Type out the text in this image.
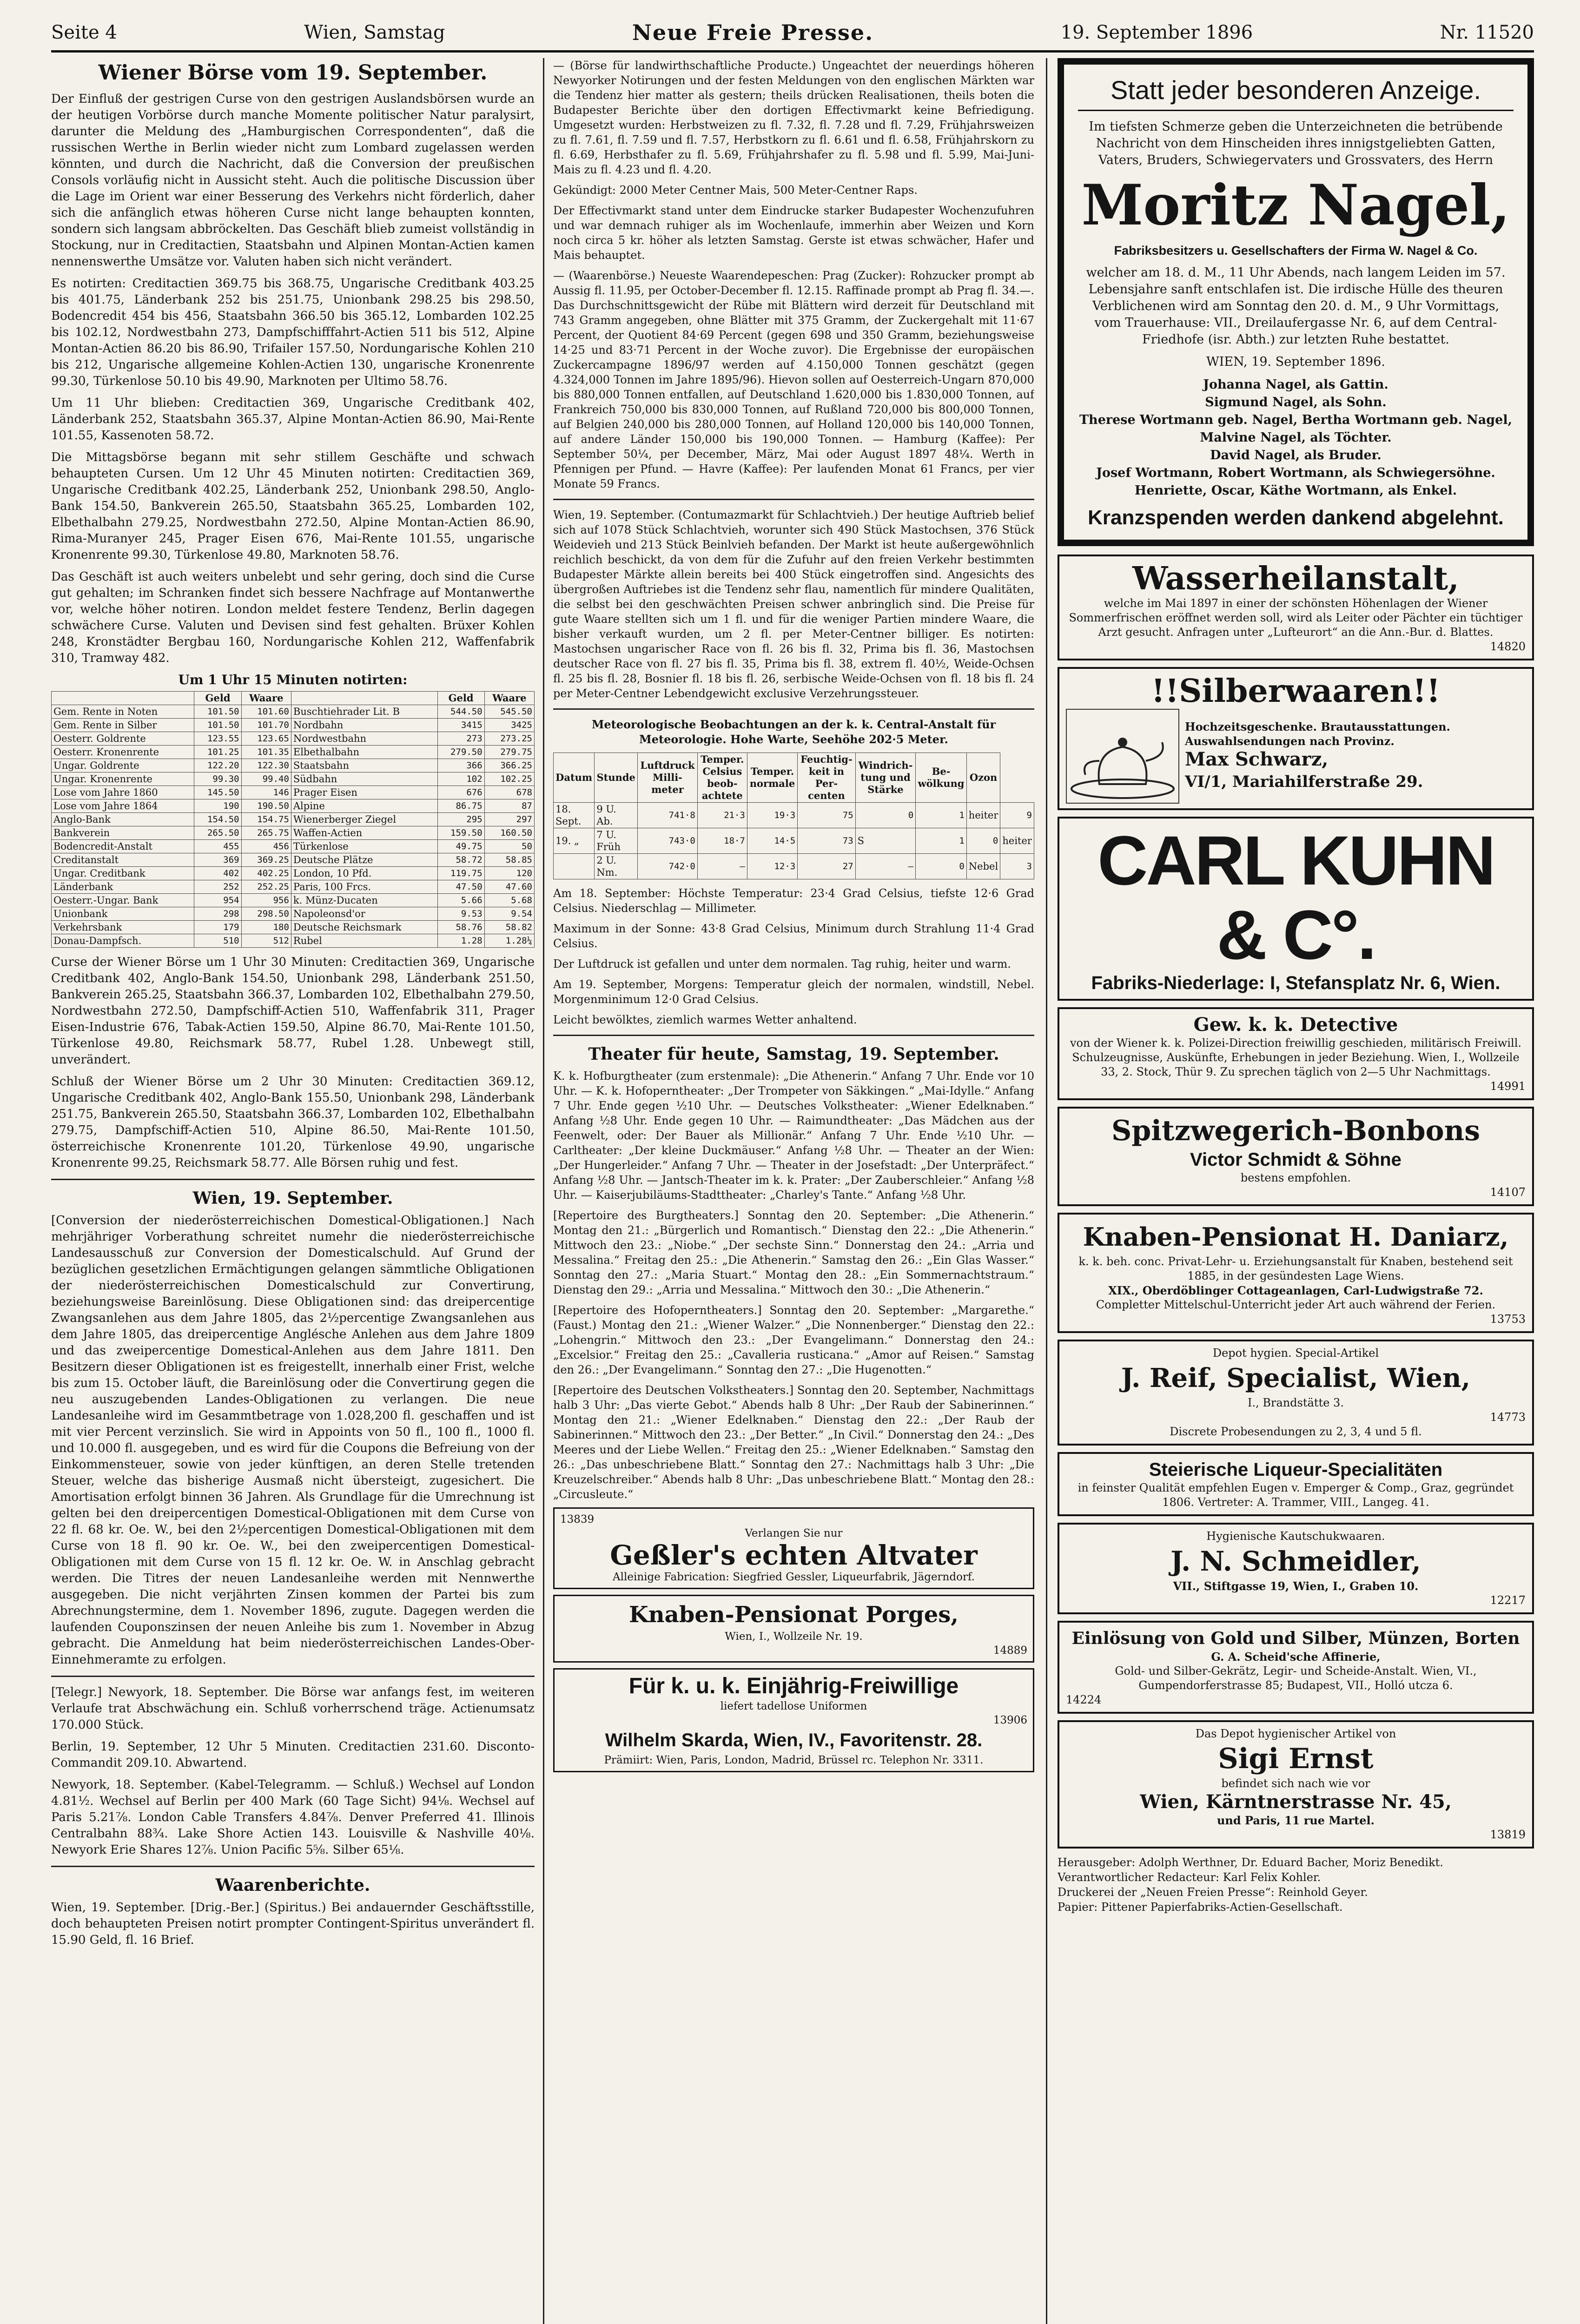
Seite 4	Wien, Samstag	Neue Freie Presse.	19. September 1896	Nr. 11520
Wiener Börse vom 19. September.

Der Einfluß der gestrigen Curse von den gestrigen Auslandsbörsen wurde an der heutigen Vorbörse durch manche Momente politischer Natur paralysirt, darunter die Meldung des „Hamburgischen Correspondenten“, daß die russischen Werthe in Berlin wieder nicht zum Lombard zugelassen werden könnten, und durch die Nachricht, daß die Conversion der preußischen Consols vorläufig nicht in Aussicht steht. Auch die politische Discussion über die Lage im Orient war einer Besserung des Verkehrs nicht förderlich, daher sich die anfänglich etwas höheren Curse nicht lange behaupten konnten, sondern sich langsam abbröckelten. Das Geschäft blieb zumeist vollständig in Stockung, nur in Creditactien, Staatsbahn und Alpinen Montan-Actien kamen nennenswerthe Umsätze vor. Valuten haben sich nicht verändert.

Es notirten: Creditactien 369.75 bis 368.75, Ungarische Creditbank 403.25 bis 401.75, Länderbank 252 bis 251.75, Unionbank 298.25 bis 298.50, Bodencredit 454 bis 456, Staatsbahn 366.50 bis 365.12, Lombarden 102.25 bis 102.12, Nordwestbahn 273, Dampfschifffahrt-Actien 511 bis 512, Alpine Montan-Actien 86.20 bis 86.90, Trifailer 157.50, Nordungarische Kohlen 210 bis 212, Ungarische allgemeine Kohlen-Actien 130, ungarische Kronenrente 99.30, Türkenlose 50.10 bis 49.90, Marknoten per Ultimo 58.76.

Um 11 Uhr blieben: Creditactien 369, Ungarische Creditbank 402, Länderbank 252, Staatsbahn 365.37, Alpine Montan-Actien 86.90, Mai-Rente 101.55, Kassenoten 58.72.

Die Mittagsbörse begann mit sehr stillem Geschäfte und schwach behaupteten Cursen. Um 12 Uhr 45 Minuten notirten: Creditactien 369, Ungarische Creditbank 402.25, Länderbank 252, Unionbank 298.50, Anglo-Bank 154.50, Bankverein 265.50, Staatsbahn 365.25, Lombarden 102, Elbethalbahn 279.25, Nordwestbahn 272.50, Alpine Montan-Actien 86.90, Rima-Muranyer 245, Prager Eisen 676, Mai-Rente 101.55, ungarische Kronenrente 99.30, Türkenlose 49.80, Marknoten 58.76.

Das Geschäft ist auch weiters unbelebt und sehr gering, doch sind die Curse gut gehalten; im Schranken findet sich bessere Nachfrage auf Montanwerthe vor, welche höher notiren. London meldet festere Tendenz, Berlin dagegen schwächere Curse. Valuten und Devisen sind fest gehalten. Brüxer Kohlen 248, Kronstädter Bergbau 160, Nordungarische Kohlen 212, Waffenfabrik 310, Tramway 482.

Um 1 Uhr 15 Minuten notirten:
	Geld	Waare		Geld	Waare
Gem. Rente in Noten	101.50	101.60	Buschtiehrader Lit. B	544.50	545.50
Gem. Rente in Silber	101.50	101.70	Nordbahn	3415	3425
Oesterr. Goldrente	123.55	123.65	Nordwestbahn	273	273.25
Oesterr. Kronenrente	101.25	101.35	Elbethalbahn	279.50	279.75
Ungar. Goldrente	122.20	122.30	Staatsbahn	366	366.25
Ungar. Kronenrente	99.30	99.40	Südbahn	102	102.25
Lose vom Jahre 1860	145.50	146	Prager Eisen	676	678
Lose vom Jahre 1864	190	190.50	Alpine	86.75	87
Anglo-Bank	154.50	154.75	Wienerberger Ziegel	295	297
Bankverein	265.50	265.75	Waffen-Actien	159.50	160.50
Bodencredit-Anstalt	455	456	Türkenlose	49.75	50
Creditanstalt	369	369.25	Deutsche Plätze	58.72	58.85
Ungar. Creditbank	402	402.25	London, 10 Pfd.	119.75	120
Länderbank	252	252.25	Paris, 100 Frcs.	47.50	47.60
Oesterr.-Ungar. Bank	954	956	k. Münz-Ducaten	5.66	5.68
Unionbank	298	298.50	Napoleonsd'or	9.53	9.54
Verkehrsbank	179	180	Deutsche Reichsmark	58.76	58.82
Donau-Dampfsch.	510	512	Rubel	1.28	1.28¼

Curse der Wiener Börse um 1 Uhr 30 Minuten: Creditactien 369, Ungarische Creditbank 402, Anglo-Bank 154.50, Unionbank 298, Länderbank 251.50, Bankverein 265.25, Staatsbahn 366.37, Lombarden 102, Elbethalbahn 279.50, Nordwestbahn 272.50, Dampfschiff-Actien 510, Waffenfabrik 311, Prager Eisen-Industrie 676, Tabak-Actien 159.50, Alpine 86.70, Mai-Rente 101.50, Türkenlose 49.80, Reichsmark 58.77, Rubel 1.28. Unbewegt still, unverändert.

Schluß der Wiener Börse um 2 Uhr 30 Minuten: Creditactien 369.12, Ungarische Creditbank 402, Anglo-Bank 155.50, Unionbank 298, Länderbank 251.75, Bankverein 265.50, Staatsbahn 366.37, Lombarden 102, Elbethalbahn 279.75, Dampfschiff-Actien 510, Alpine 86.50, Mai-Rente 101.50, österreichische Kronenrente 101.20, Türkenlose 49.90, ungarische Kronenrente 99.25, Reichsmark 58.77. Alle Börsen ruhig und fest.

Wien, 19. September.

[Conversion der niederösterreichischen Domestical-Obligationen.] Nach mehrjähriger Vorberathung schreitet numehr die niederösterreichische Landesausschuß zur Conversion der Domesticalschuld. Auf Grund der bezüglichen gesetzlichen Ermächtigungen gelangen sämmtliche Obligationen der niederösterreichischen Domesticalschuld zur Convertirung, beziehungsweise Bareinlösung. Diese Obligationen sind: das dreipercentige Zwangsanlehen aus dem Jahre 1805, das 2½percentige Zwangsanlehen aus dem Jahre 1805, das dreipercentige Anglésche Anlehen aus dem Jahre 1809 und das zweipercentige Domestical-Anlehen aus dem Jahre 1811. Den Besitzern dieser Obligationen ist es freigestellt, innerhalb einer Frist, welche bis zum 15. October läuft, die Bareinlösung oder die Convertirung gegen die neu auszugebenden Landes-Obligationen zu verlangen. Die neue Landesanleihe wird im Gesammtbetrage von 1.028,200 fl. geschaffen und ist mit vier Percent verzinslich. Sie wird in Appoints von 50 fl., 100 fl., 1000 fl. und 10.000 fl. ausgegeben, und es wird für die Coupons die Befreiung von der Einkommensteuer, sowie von jeder künftigen, an deren Stelle tretenden Steuer, welche das bisherige Ausmaß nicht übersteigt, zugesichert. Die Amortisation erfolgt binnen 36 Jahren. Als Grundlage für die Umrechnung ist gelten bei den dreipercentigen Domestical-Obligationen mit dem Curse von 22 fl. 68 kr. Oe. W., bei den 2½percentigen Domestical-Obligationen mit dem Curse von 18 fl. 90 kr. Oe. W., bei den zweipercentigen Domestical-Obligationen mit dem Curse von 15 fl. 12 kr. Oe. W. in Anschlag gebracht werden. Die Titres der neuen Landesanleihe werden mit Nennwerthe ausgegeben. Die nicht verjährten Zinsen kommen der Partei bis zum Abrechnungstermine, dem 1. November 1896, zugute. Dagegen werden die laufenden Couponszinsen der neuen Anleihe bis zum 1. November in Abzug gebracht. Die Anmeldung hat beim niederösterreichischen Landes-Ober-Einnehmeramte zu erfolgen.

[Telegr.] Newyork, 18. September. Die Börse war anfangs fest, im weiteren Verlaufe trat Abschwächung ein. Schluß vorherrschend träge. Actienumsatz 170.000 Stück.

Berlin, 19. September, 12 Uhr 5 Minuten. Creditactien 231.60. Disconto-Commandit 209.10. Abwartend.

Newyork, 18. September. (Kabel-Telegramm. — Schluß.) Wechsel auf London 4.81½. Wechsel auf Berlin per 400 Mark (60 Tage Sicht) 94⅛. Wechsel auf Paris 5.21⅞. London Cable Transfers 4.84⅞. Denver Preferred 41. Illinois Centralbahn 88¾. Lake Shore Actien 143. Louisville & Nashville 40⅛. Newyork Erie Shares 12⅞. Union Pacific 5⅝. Silber 65⅛.

Waarenberichte.

Wien, 19. September. [Drig.-Ber.] (Spiritus.) Bei andauernder Geschäftsstille, doch behaupteten Preisen notirt prompter Contingent-Spiritus unverändert fl. 15.90 Geld, fl. 16 Brief.

— (Börse für landwirthschaftliche Producte.) Ungeachtet der neuerdings höheren Newyorker Notirungen und der festen Meldungen von den englischen Märkten war die Tendenz hier matter als gestern; theils drücken Realisationen, theils boten die Budapester Berichte über den dortigen Effectivmarkt keine Befriedigung. Umgesetzt wurden: Herbstweizen zu fl. 7.32, fl. 7.28 und fl. 7.29, Frühjahrsweizen zu fl. 7.61, fl. 7.59 und fl. 7.57, Herbstkorn zu fl. 6.61 und fl. 6.58, Frühjahrskorn zu fl. 6.69, Herbsthafer zu fl. 5.69, Frühjahrshafer zu fl. 5.98 und fl. 5.99, Mai-Juni-Mais zu fl. 4.23 und fl. 4.20.

Gekündigt: 2000 Meter Centner Mais, 500 Meter-Centner Raps.

Der Effectivmarkt stand unter dem Eindrucke starker Budapester Wochenzufuhren und war demnach ruhiger als im Wochenlaufe, immerhin aber Weizen und Korn noch circa 5 kr. höher als letzten Samstag. Gerste ist etwas schwächer, Hafer und Mais behauptet.

— (Waarenbörse.) Neueste Waarendepeschen: Prag (Zucker): Rohzucker prompt ab Aussig fl. 11.95, per October-December fl. 12.15. Raffinade prompt ab Prag fl. 34.—. Das Durchschnittsgewicht der Rübe mit Blättern wird derzeit für Deutschland mit 743 Gramm angegeben, ohne Blätter mit 375 Gramm, der Zuckergehalt mit 11·67 Percent, der Quotient 84·69 Percent (gegen 698 und 350 Gramm, beziehungsweise 14·25 und 83·71 Percent in der Woche zuvor). Die Ergebnisse der europäischen Zuckercampagne 1896/97 werden auf 4.150,000 Tonnen geschätzt (gegen 4.324,000 Tonnen im Jahre 1895/96). Hievon sollen auf Oesterreich-Ungarn 870,000 bis 880,000 Tonnen entfallen, auf Deutschland 1.620,000 bis 1.830,000 Tonnen, auf Frankreich 750,000 bis 830,000 Tonnen, auf Rußland 720,000 bis 800,000 Tonnen, auf Belgien 240,000 bis 280,000 Tonnen, auf Holland 120,000 bis 140,000 Tonnen, auf andere Länder 150,000 bis 190,000 Tonnen. — Hamburg (Kaffee): Per September 50¼, per December, März, Mai oder August 1897 48¼. Werth in Pfennigen per Pfund. — Havre (Kaffee): Per laufenden Monat 61 Francs, per vier Monate 59 Francs.

Wien, 19. September. (Contumazmarkt für Schlachtvieh.) Der heutige Auftrieb belief sich auf 1078 Stück Schlachtvieh, worunter sich 490 Stück Mastochsen, 376 Stück Weidevieh und 213 Stück Beinlvieh befanden. Der Markt ist heute außergewöhnlich reichlich beschickt, da von dem für die Zufuhr auf den freien Verkehr bestimmten Budapester Märkte allein bereits bei 400 Stück eingetroffen sind. Angesichts des übergroßen Auftriebes ist die Tendenz sehr flau, namentlich für mindere Qualitäten, die selbst bei den geschwächten Preisen schwer anbringlich sind. Die Preise für gute Waare stellten sich um 1 fl. und für die weniger Partien mindere Waare, die bisher verkauft wurden, um 2 fl. per Meter-Centner billiger. Es notirten: Mastochsen ungarischer Race von fl. 26 bis fl. 32, Prima bis fl. 36, Mastochsen deutscher Race von fl. 27 bis fl. 35, Prima bis fl. 38, extrem fl. 40½, Weide-Ochsen fl. 25 bis fl. 28, Bosnier fl. 18 bis fl. 26, serbische Weide-Ochsen von fl. 18 bis fl. 24 per Meter-Centner Lebendgewicht exclusive Verzehrungssteuer.

Meteorologische Beobachtungen an der k. k. Central-Anstalt für Meteorologie. Hohe Warte, Seehöhe 202·5 Meter.

Datum	Stunde	Luftdruck Milli-meter	Temper. Celsius beob-achtete	Temper. normale	Feuchtig-keit in Per-centen	Windrich-tung und Stärke	Be-wölkung	Ozon	
18. Sept.	9 U. Ab.	741·8	21·3	19·3	75	0	1	heiter	9
19. „	7 U. Früh	743·0	18·7	14·5	73	S	1	0	heiter
	2 U. Nm.	742·0	—	12·3	27	—	0	Nebel	3

Am 18. September: Höchste Temperatur: 23·4 Grad Celsius, tiefste 12·6 Grad Celsius. Niederschlag — Millimeter.

Maximum in der Sonne: 43·8 Grad Celsius, Minimum durch Strahlung 11·4 Grad Celsius.

Der Luftdruck ist gefallen und unter dem normalen. Tag ruhig, heiter und warm.

Am 19. September, Morgens: Temperatur gleich der normalen, windstill, Nebel. Morgenminimum 12·0 Grad Celsius.

Leicht bewölktes, ziemlich warmes Wetter anhaltend.

Theater für heute, Samstag, 19. September.

K. k. Hofburgtheater (zum erstenmale): „Die Athenerin.“ Anfang 7 Uhr. Ende vor 10 Uhr. — K. k. Hofoperntheater: „Der Trompeter von Säkkingen.“ „Mai-Idylle.“ Anfang 7 Uhr. Ende gegen ½10 Uhr. — Deutsches Volkstheater: „Wiener Edelknaben.“ Anfang ½8 Uhr. Ende gegen 10 Uhr. — Raimundtheater: „Das Mädchen aus der Feenwelt, oder: Der Bauer als Millionär.“ Anfang 7 Uhr. Ende ½10 Uhr. — Carltheater: „Der kleine Duckmäuser.“ Anfang ½8 Uhr. — Theater an der Wien: „Der Hungerleider.“ Anfang 7 Uhr. — Theater in der Josefstadt: „Der Unterpräfect.“ Anfang ½8 Uhr. — Jantsch-Theater im k. k. Prater: „Der Zauberschleier.“ Anfang ½8 Uhr. — Kaiserjubiläums-Stadttheater: „Charley's Tante.“ Anfang ½8 Uhr.

[Repertoire des Burgtheaters.] Sonntag den 20. September: „Die Athenerin.“ Montag den 21.: „Bürgerlich und Romantisch.“ Dienstag den 22.: „Die Athenerin.“ Mittwoch den 23.: „Niobe.“ „Der sechste Sinn.“ Donnerstag den 24.: „Arria und Messalina.“ Freitag den 25.: „Die Athenerin.“ Samstag den 26.: „Ein Glas Wasser.“ Sonntag den 27.: „Maria Stuart.“ Montag den 28.: „Ein Sommernachtstraum.“ Dienstag den 29.: „Arria und Messalina.“ Mittwoch den 30.: „Die Athenerin.“

[Repertoire des Hofoperntheaters.] Sonntag den 20. September: „Margarethe.“ (Faust.) Montag den 21.: „Wiener Walzer.“ „Die Nonnenberger.“ Dienstag den 22.: „Lohengrin.“ Mittwoch den 23.: „Der Evangelimann.“ Donnerstag den 24.: „Excelsior.“ Freitag den 25.: „Cavalleria rusticana.“ „Amor auf Reisen.“ Samstag den 26.: „Der Evangelimann.“ Sonntag den 27.: „Die Hugenotten.“

[Repertoire des Deutschen Volkstheaters.] Sonntag den 20. September, Nachmittags halb 3 Uhr: „Das vierte Gebot.“ Abends halb 8 Uhr: „Der Raub der Sabinerinnen.“ Montag den 21.: „Wiener Edelknaben.“ Dienstag den 22.: „Der Raub der Sabinerinnen.“ Mittwoch den 23.: „Der Better.“ „In Civil.“ Donnerstag den 24.: „Des Meeres und der Liebe Wellen.“ Freitag den 25.: „Wiener Edelknaben.“ Samstag den 26.: „Das unbeschriebene Blatt.“ Sonntag den 27.: Nachmittags halb 3 Uhr: „Die Kreuzelschreiber.“ Abends halb 8 Uhr: „Das unbeschriebene Blatt.“ Montag den 28.: „Circusleute.“

13839
Verlangen Sie nur
Geßler's echten Altvater
Alleinige Fabrication: Siegfried Gessler, Liqueurfabrik, Jägerndorf.
Knaben-Pensionat Porges,
Wien, I., Wollzeile Nr. 19.
14889
Für k. u. k. Einjährig-Freiwillige
liefert tadellose Uniformen
13906
Wilhelm Skarda, Wien, IV., Favoritenstr. 28.
Prämiirt: Wien, Paris, London, Madrid, Brüssel rc. Telephon Nr. 3311.
Statt jeder besonderen Anzeige.

Im tiefsten Schmerze geben die Unterzeichneten die betrübende Nachricht von dem Hinscheiden ihres innigstgeliebten Gatten, Vaters, Bruders, Schwiegervaters und Grossvaters, des Herrn

Moritz Nagel,

Fabriksbesitzers u. Gesellschafters der Firma W. Nagel & Co.

welcher am 18. d. M., 11 Uhr Abends, nach langem Leiden im 57. Lebensjahre sanft entschlafen ist. Die irdische Hülle des theuren Verblichenen wird am Sonntag den 20. d. M., 9 Uhr Vormittags, vom Trauerhause: VII., Dreilaufergasse Nr. 6, auf dem Central-Friedhofe (isr. Abth.) zur letzten Ruhe bestattet.

WIEN, 19. September 1896.

Johanna Nagel, als Gattin.
Sigmund Nagel, als Sohn.
Therese Wortmann geb. Nagel, Bertha Wortmann geb. Nagel, Malvine Nagel, als Töchter.
David Nagel, als Bruder.
Josef Wortmann, Robert Wortmann, als Schwiegersöhne.
Henriette, Oscar, Käthe Wortmann, als Enkel.
Kranzspenden werden dankend abgelehnt.
Wasserheilanstalt,
welche im Mai 1897 in einer der schönsten Höhenlagen der Wiener Sommerfrischen eröffnet werden soll, wird als Leiter oder Pächter ein tüchtiger Arzt gesucht. Anfragen unter „Lufteurort“ an die Ann.-Bur. d. Blattes.
14820
!!Silberwaaren!!
Hochzeitsgeschenke. Brautausstattungen. Auswahlsendungen nach Provinz.
Max Schwarz,
VI/1, Mariahilferstraße 29.
CARL KUHN & C°.
Fabriks-Niederlage: I, Stefansplatz Nr. 6, Wien.
Gew. k. k. Detective
von der Wiener k. k. Polizei-Direction freiwillig geschieden, militärisch Freiwill. Schulzeugnisse, Auskünfte, Erhebungen in jeder Beziehung. Wien, I., Wollzeile 33, 2. Stock, Thür 9. Zu sprechen täglich von 2—5 Uhr Nachmittags.
14991
Spitzwegerich-Bonbons
Victor Schmidt & Söhne
bestens empfohlen.
14107
Knaben-Pensionat H. Daniarz,
k. k. beh. conc. Privat-Lehr- u. Erziehungsanstalt für Knaben, bestehend seit 1885, in der gesündesten Lage Wiens.
XIX., Oberdöblinger Cottageanlagen, Carl-Ludwigstraße 72.
Completter Mittelschul-Unterricht jeder Art auch während der Ferien.
13753
Depot hygien. Special-Artikel
J. Reif, Specialist, Wien,
I., Brandstätte 3.
14773
Discrete Probesendungen zu 2, 3, 4 und 5 fl.
Steierische Liqueur-Specialitäten
in feinster Qualität empfehlen Eugen v. Emperger & Comp., Graz, gegründet 1806. Vertreter: A. Trammer, VIII., Langeg. 41.
Hygienische Kautschukwaaren.
J. N. Schmeidler,
VII., Stiftgasse 19, Wien, I., Graben 10.
12217
Einlösung von Gold und Silber, Münzen, Borten
G. A. Scheid'sche Affinerie,
Gold- und Silber-Gekrätz, Legir- und Scheide-Anstalt. Wien, VI., Gumpendorferstrasse 85; Budapest, VII., Holló utcza 6.
14224
Das Depot hygienischer Artikel von
Sigi Ernst
befindet sich nach wie vor
Wien, Kärntnerstrasse Nr. 45,
und Paris, 11 rue Martel.
13819
Herausgeber: Adolph Werthner, Dr. Eduard Bacher, Moriz Benedikt.
Verantwortlicher Redacteur: Karl Felix Kohler.
Druckerei der „Neuen Freien Presse“: Reinhold Geyer.
Papier: Pittener Papierfabriks-Actien-Gesellschaft.
